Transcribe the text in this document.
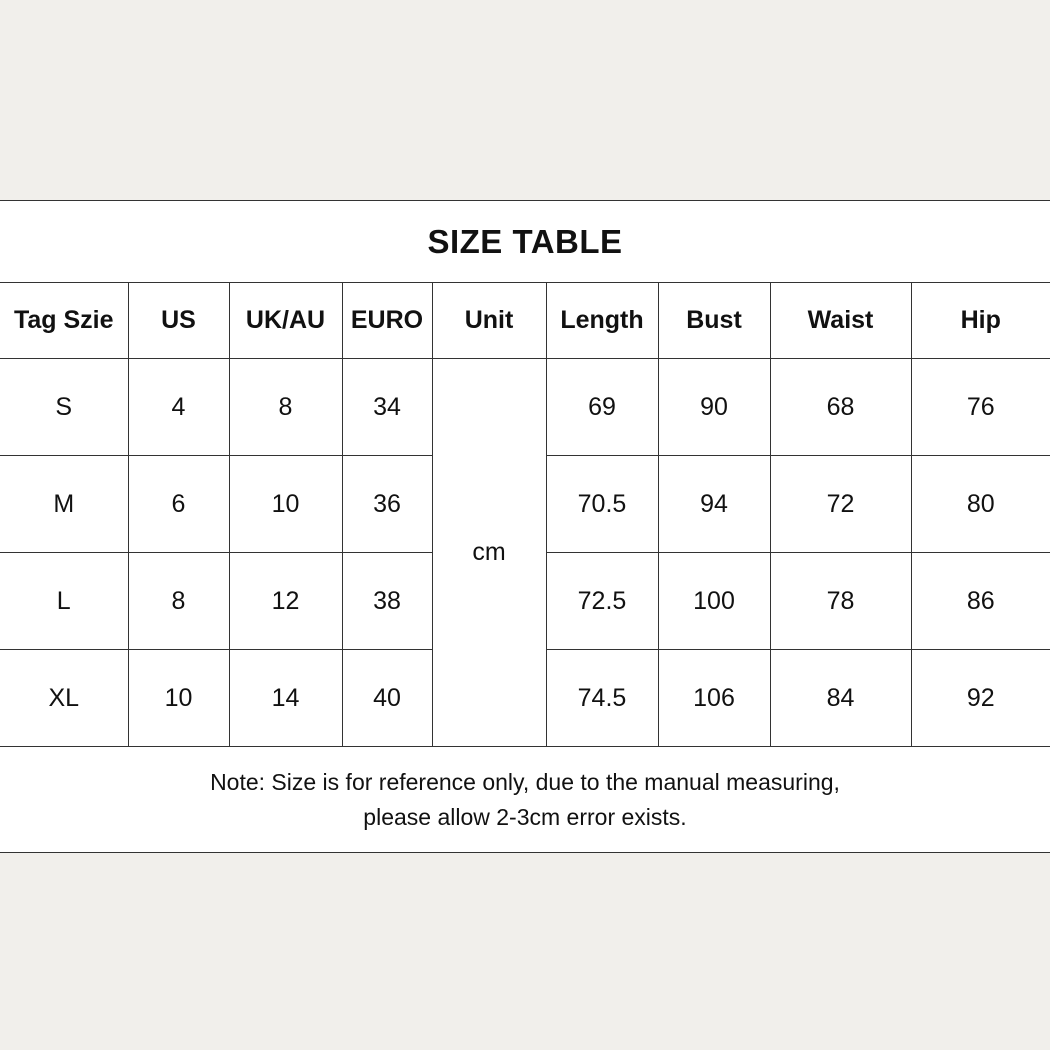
SIZE TABLE
Tag Szie	US	UK/AU	EURO	Unit	Length	Bust	Waist	Hip
S	4	8	34	cm	69	90	68	76
M	6	10	36		70.5	94	72	80
L	8	12	38		72.5	100	78	86
XL	10	14	40		74.5	106	84	92
Note: Size is for reference only, due to the manual measuring,
please allow 2-3cm error exists.
